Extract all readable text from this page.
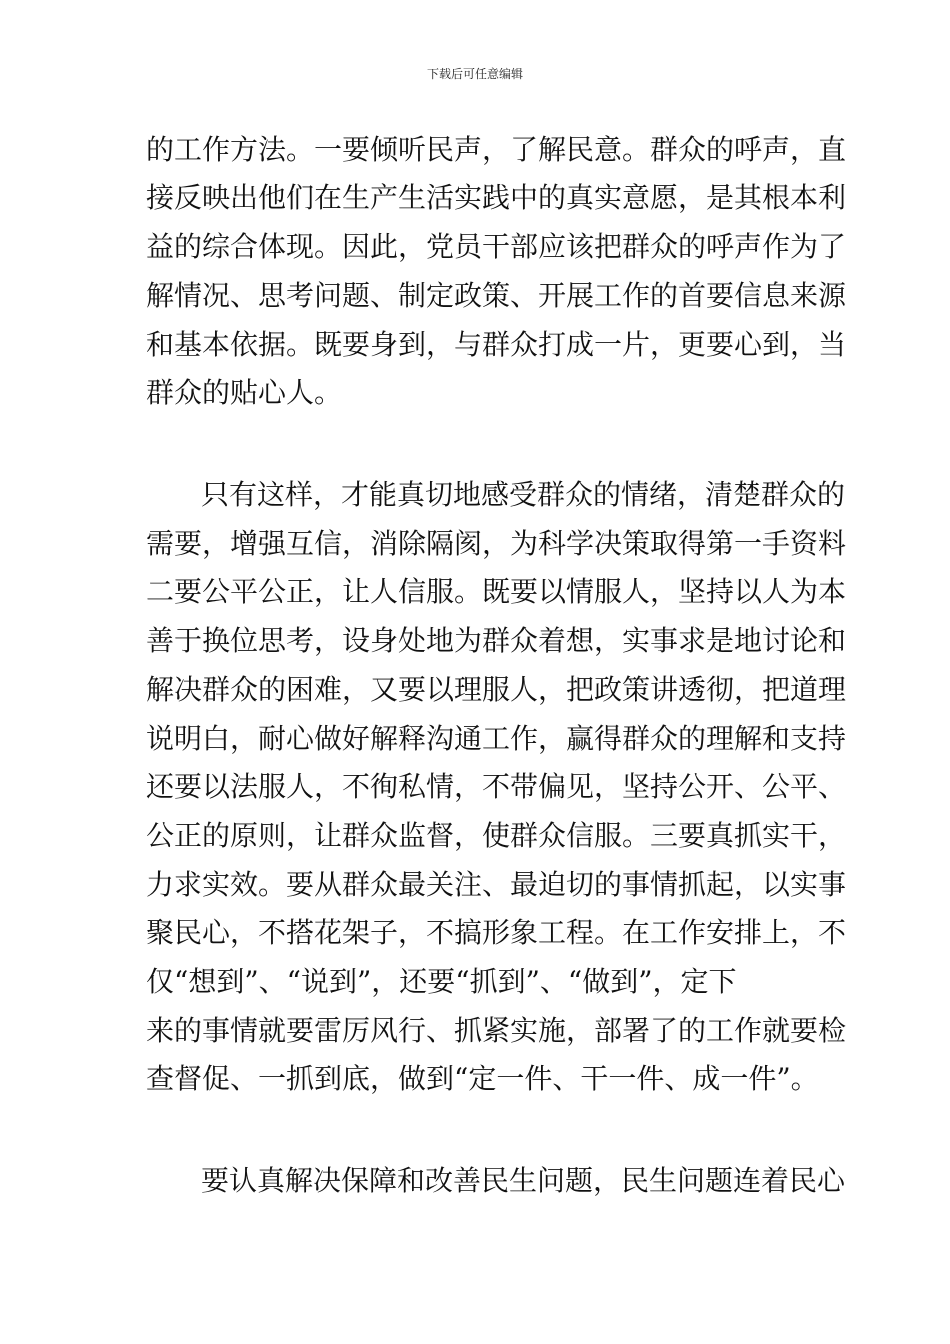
下载后可任意编辑
的工作方法。一要倾听民声，了解民意。群众的呼声，直
接反映出他们在生产生活实践中的真实意愿，是其根本利
益的综合体现。因此，党员干部应该把群众的呼声作为了
解情况、思考问题、制定政策、开展工作的首要信息来源
和基本依据。既要身到，与群众打成一片，更要心到，当
群众的贴心人。
只有这样，才能真切地感受群众的情绪，清楚群众的
需要，增强互信，消除隔阂，为科学决策取得第一手资料
二要公平公正，让人信服。既要以情服人，坚持以人为本
善于换位思考，设身处地为群众着想，实事求是地讨论和
解决群众的困难，又要以理服人，把政策讲透彻，把道理
说明白，耐心做好解释沟通工作，赢得群众的理解和支持
还要以法服人，不徇私情，不带偏见，坚持公开、公平、
公正的原则，让群众监督，使群众信服。三要真抓实干，
力求实效。要从群众最关注、最迫切的事情抓起，以实事
聚民心，不搭花架子，不搞形象工程。在工作安排上，不
仅“想到”、“说到”，还要“抓到”、“做到”，定下
来的事情就要雷厉风行、抓紧实施，部署了的工作就要检
查督促、一抓到底，做到“定一件、干一件、成一件”。
要认真解决保障和改善民生问题，民生问题连着民心
